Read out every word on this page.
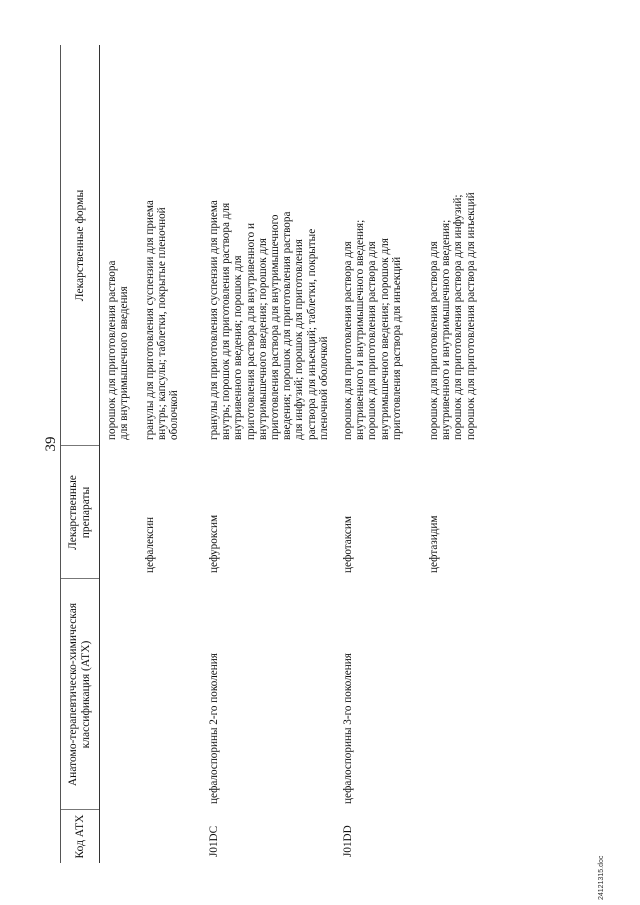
39
Код АТХ
Анатомо-терапевтическо-химическая классификация (АТХ)
Лекарственные препараты
Лекарственные формы
порошок для приготовления раствора для внутримышечного введения
цефалексин
гранулы для приготовления суспензии для приема внутрь; капсулы; таблетки, покрытые пленочной оболочкой
J01DC
цефалоспорины 2-го поколения
цефуроксим
гранулы для приготовления суспензии для приема внутрь; порошок для приготовления раствора для внутривенного введения; порошок для приготовления раствора для внутривенного и внутримышечного введения; порошок для приготовления раствора для внутримышечного введения; порошок для приготовления раствора для инфузий; порошок для приготовления раствора для инъекций; таблетки, покрытые пленочной оболочкой
J01DD
цефалоспорины 3-го поколения
цефотаксим
порошок для приготовления раствора для внутривенного и внутримышечного введения; порошок для приготовления раствора для внутримышечного введения; порошок для приготовления раствора для инъекций
цефтазидим
порошок для приготовления раствора для внутривенного и внутримышечного введения; порошок для приготовления раствора для инфузий; порошок для приготовления раствора для инъекций
24121315.doc
